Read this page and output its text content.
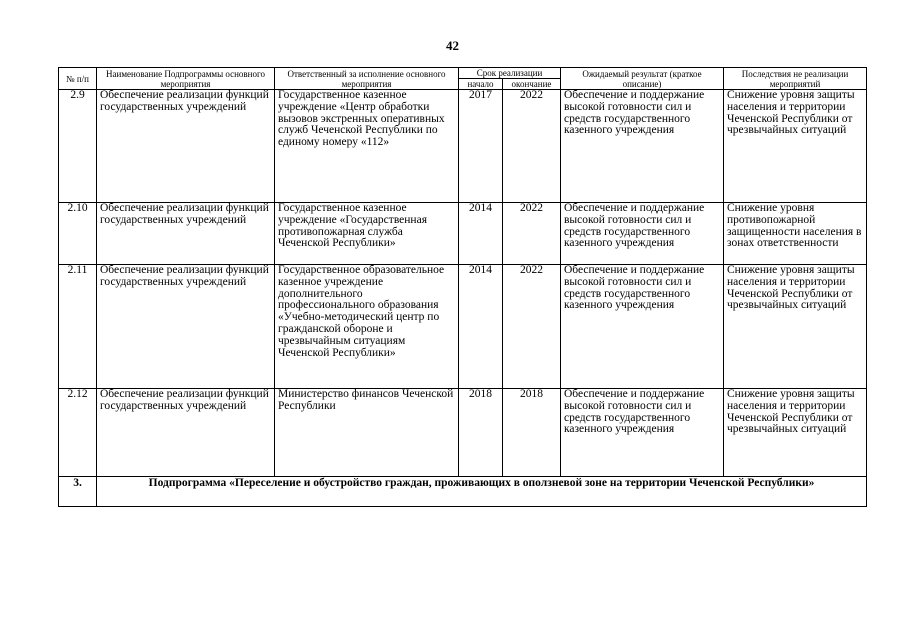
42
№ п/п	Наименование Подпрограммы основного мероприятия	Ответственный за исполнение основного мероприятия	Срок реализации		Ожидаемый результат (краткое описание)	Последствия не реализации мероприятий
			начало	окончание		
2.9	Обеспечение реализации функций государственных учреждений	Государственное казенное учреждение «Центр обработки вызовов экстренных оперативных служб Чеченской Республики по единому номеру «112»	2017	2022	Обеспечение и поддержание высокой готовности сил и средств государственного казенного учреждения	Снижение уровня защиты населения и территории Чеченской Республики от чрезвычайных ситуаций
2.10	Обеспечение реализации функций государственных учреждений	Государственное казенное учреждение «Государственная противопожарная служба Чеченской Республики»	2014	2022	Обеспечение и поддержание высокой готовности сил и средств государственного казенного учреждения	Снижение уровня противопожарной защищенности населения в зонах ответственности
2.11	Обеспечение реализации функций государственных учреждений	Государственное образовательное казенное учреждение дополнительного профессионального образования «Учебно-методический центр по гражданской обороне и чрезвычайным ситуациям Чеченской Республики»	2014	2022	Обеспечение и поддержание высокой готовности сил и средств государственного казенного учреждения	Снижение уровня защиты населения и территории Чеченской Республики от чрезвычайных ситуаций
2.12	Обеспечение реализации функций государственных учреждений	Министерство финансов Чеченской Республики	2018	2018	Обеспечение и поддержание высокой готовности сил и средств государственного казенного учреждения	Снижение уровня защиты населения и территории Чеченской Республики от чрезвычайных ситуаций
3.	Подпрограмма «Переселение и обустройство граждан, проживающих в оползневой зоне на территории Чеченской Республики»					
